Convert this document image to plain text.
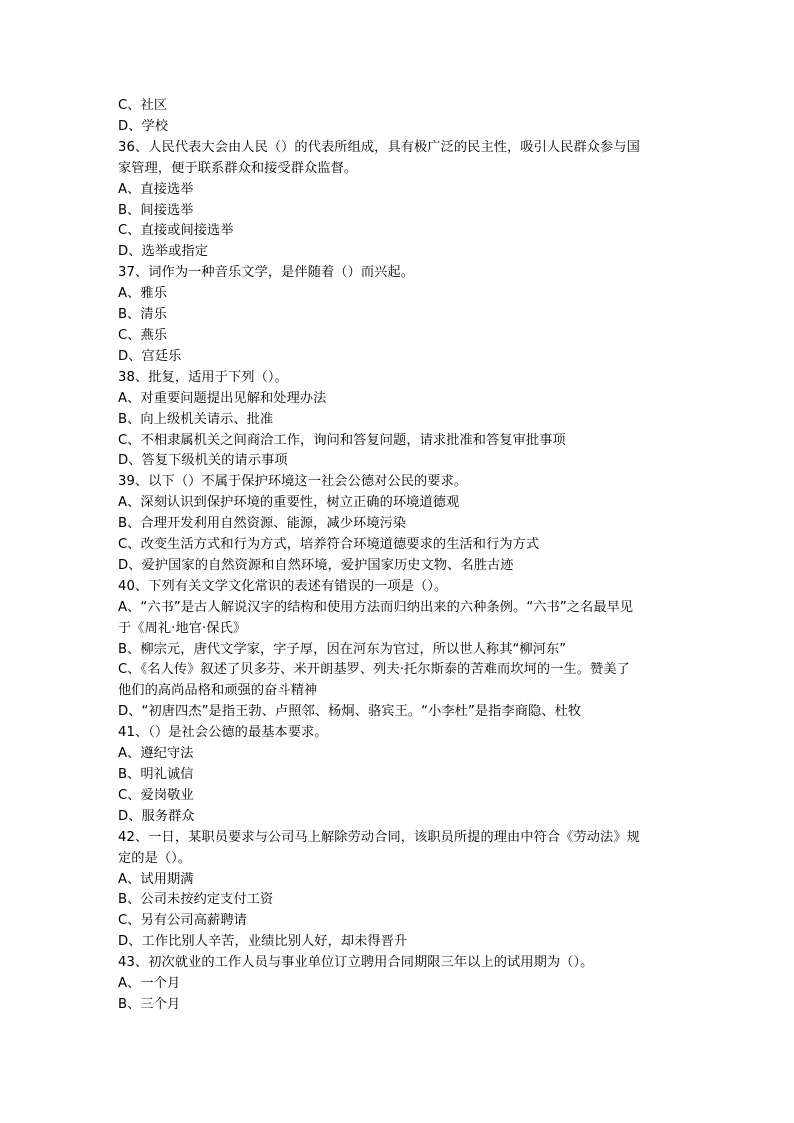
C、社区

D、学校

36、人民代表大会由人民（）的代表所组成，具有极广泛的民主性，吸引人民群众参与国

家管理，便于联系群众和接受群众监督。

A、直接选举

B、间接选举

C、直接或间接选举

D、选举或指定

37、词作为一种音乐文学，是伴随着（）而兴起。

A、雅乐

B、清乐

C、燕乐

D、宫廷乐

38、批复，适用于下列（）。

A、对重要问题提出见解和处理办法

B、向上级机关请示、批准

C、不相隶属机关之间商洽工作，询问和答复问题，请求批准和答复审批事项

D、答复下级机关的请示事项

39、以下（）不属于保护环境这一社会公德对公民的要求。

A、深刻认识到保护环境的重要性，树立正确的环境道德观

B、合理开发利用自然资源、能源，减少环境污染

C、改变生活方式和行为方式，培养符合环境道德要求的生活和行为方式

D、爱护国家的自然资源和自然环境，爱护国家历史文物、名胜古迹

40、下列有关文学文化常识的表述有错误的一项是（）。

A、“六书”是古人解说汉字的结构和使用方法而归纳出来的六种条例。“六书”之名最早见

于《周礼·地官·保氏》

B、柳宗元，唐代文学家，字子厚，因在河东为官过，所以世人称其“柳河东”

C、《名人传》叙述了贝多芬、米开朗基罗、列夫·托尔斯泰的苦难而坎坷的一生。赞美了

他们的高尚品格和顽强的奋斗精神

D、“初唐四杰”是指王勃、卢照邻、杨炯、骆宾王。“小李杜”是指李商隐、杜牧

41、（）是社会公德的最基本要求。

A、遵纪守法

B、明礼诚信

C、爱岗敬业

D、服务群众

42、一日，某职员要求与公司马上解除劳动合同，该职员所提的理由中符合《劳动法》规

定的是（）。

A、试用期满

B、公司未按约定支付工资

C、另有公司高薪聘请

D、工作比别人辛苦，业绩比别人好，却未得晋升

43、初次就业的工作人员与事业单位订立聘用合同期限三年以上的试用期为（）。

A、一个月

B、三个月
